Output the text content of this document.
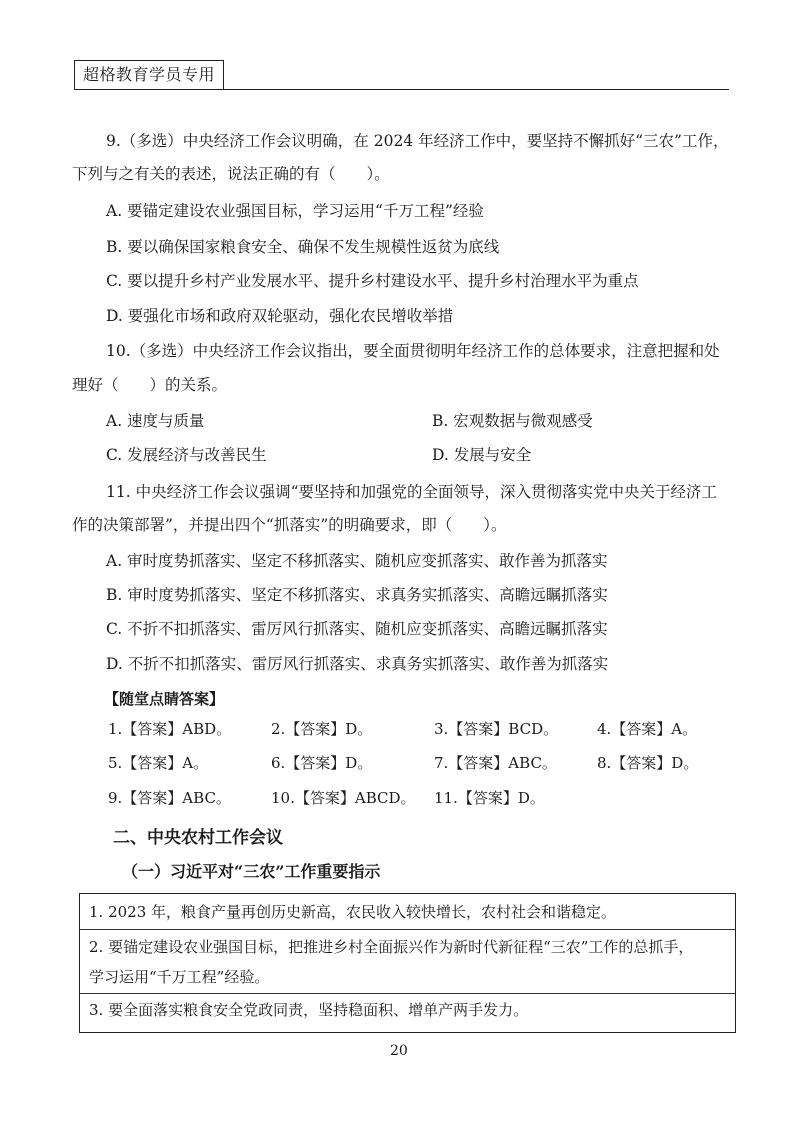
超格教育学员专用
9.（多选）中央经济工作会议明确，在 2024 年经济工作中，要坚持不懈抓好“三农”工作，
下列与之有关的表述，说法正确的有（　　）。
A. 要锚定建设农业强国目标，学习运用“千万工程”经验
B. 要以确保国家粮食安全、确保不发生规模性返贫为底线
C. 要以提升乡村产业发展水平、提升乡村建设水平、提升乡村治理水平为重点
D. 要强化市场和政府双轮驱动，强化农民增收举措
10.（多选）中央经济工作会议指出，要全面贯彻明年经济工作的总体要求，注意把握和处
理好（　　）的关系。
A. 速度与质量	B. 宏观数据与微观感受
C. 发展经济与改善民生	D. 发展与安全
11. 中央经济工作会议强调“要坚持和加强党的全面领导，深入贯彻落实党中央关于经济工
作的决策部署”，并提出四个“抓落实”的明确要求，即（　　）。
A. 审时度势抓落实、坚定不移抓落实、随机应变抓落实、敢作善为抓落实
B. 审时度势抓落实、坚定不移抓落实、求真务实抓落实、高瞻远瞩抓落实
C. 不折不扣抓落实、雷厉风行抓落实、随机应变抓落实、高瞻远瞩抓落实
D. 不折不扣抓落实、雷厉风行抓落实、求真务实抓落实、敢作善为抓落实
【随堂点睛答案】
1.【答案】ABD。	2.【答案】D。	3.【答案】BCD。	4.【答案】A。
5.【答案】A。	6.【答案】D。	7.【答案】ABC。	8.【答案】D。
9.【答案】ABC。	10.【答案】ABCD。 11.【答案】D。
二、中央农村工作会议
（一）习近平对“三农”工作重要指示
1. 2023 年，粮食产量再创历史新高，农民收入较快增长，农村社会和谐稳定。
2. 要锚定建设农业强国目标，把推进乡村全面振兴作为新时代新征程“三农”工作的总抓手，
学习运用“千万工程”经验。
3. 要全面落实粮食安全党政同责，坚持稳面积、增单产两手发力。
20
